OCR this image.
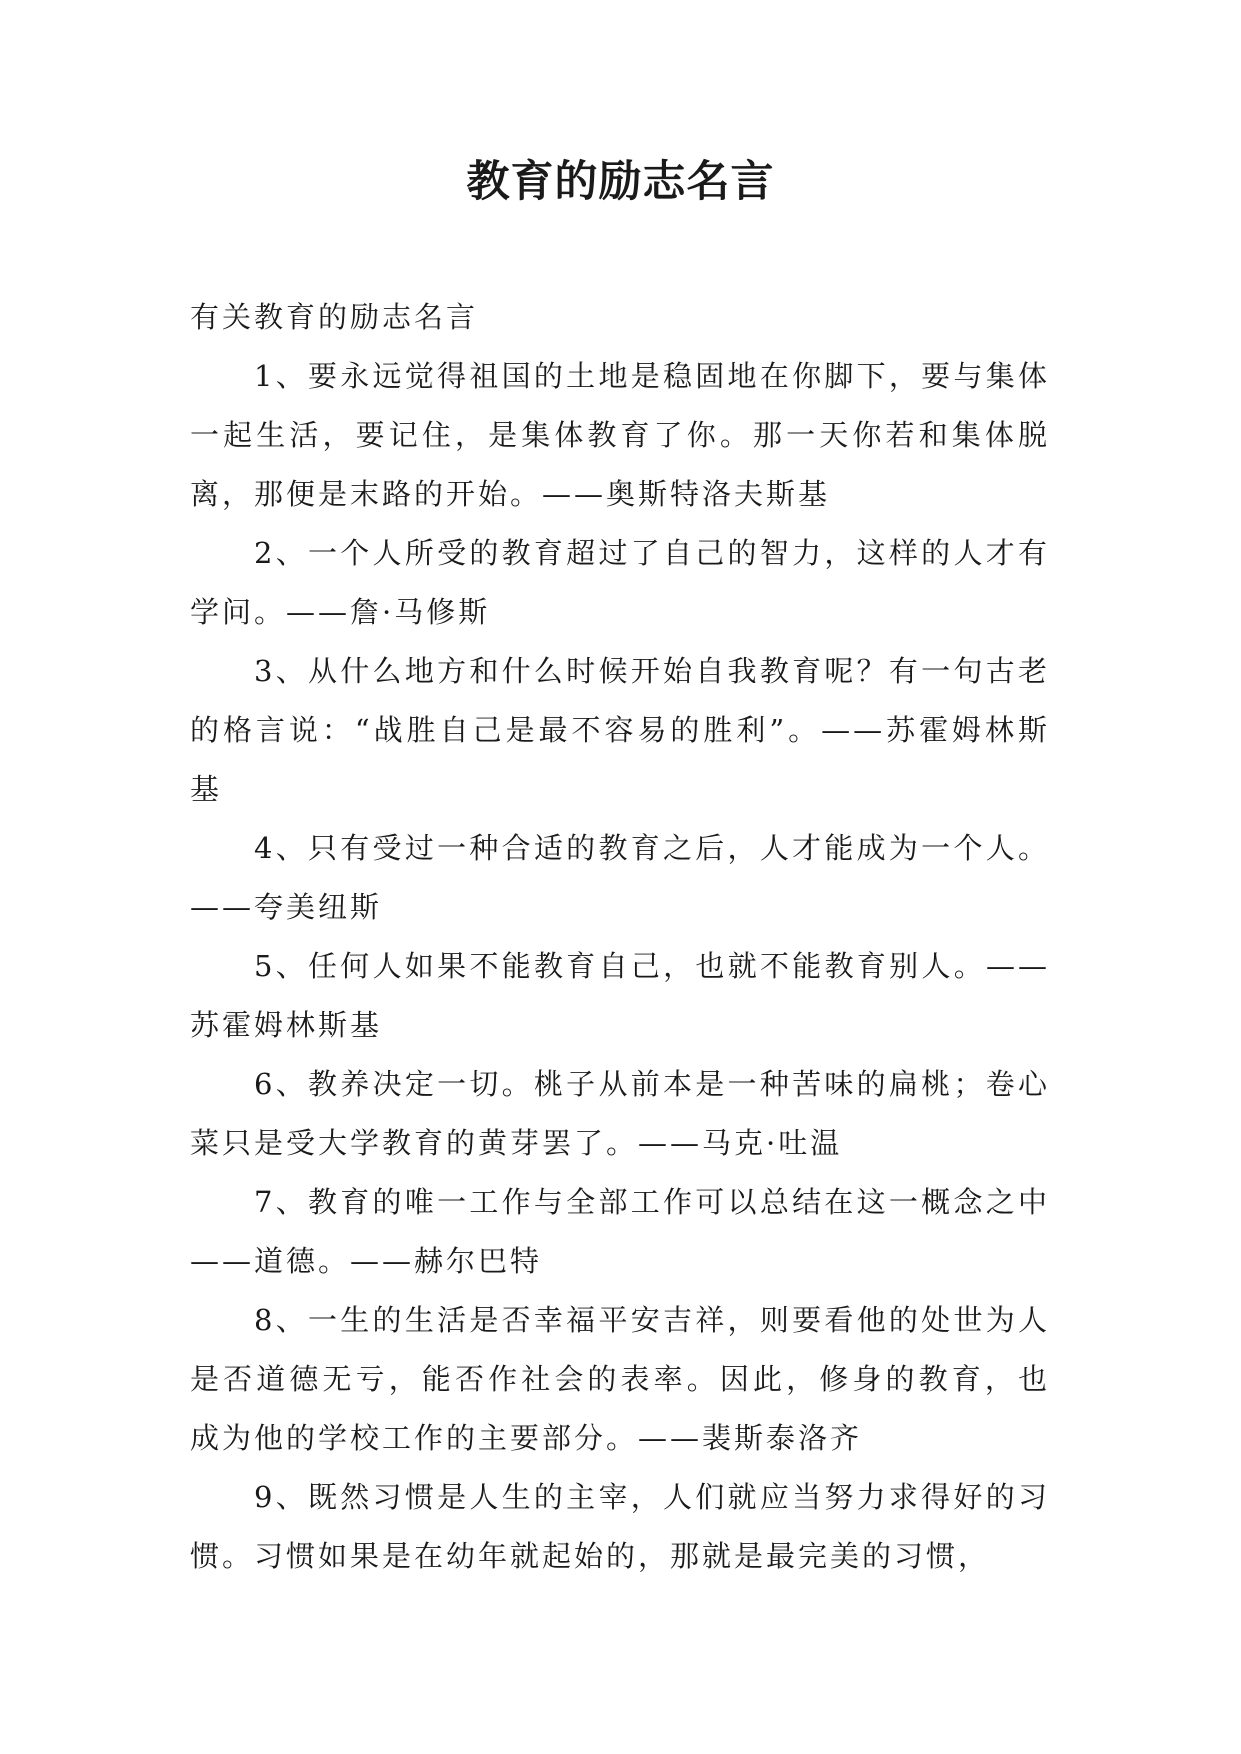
教育的励志名言

有关教育的励志名言

1、要永远觉得祖国的土地是稳固地在你脚下，要与集体一起生活，要记住，是集体教育了你。那一天你若和集体脱离，那便是末路的开始。——奥斯特洛夫斯基

2、一个人所受的教育超过了自己的智力，这样的人才有学问。——詹·马修斯

3、从什么地方和什么时候开始自我教育呢？有一句古老的格言说：“战胜自己是最不容易的胜利”。——苏霍姆林斯基

4、只有受过一种合适的教育之后，人才能成为一个人。——夸美纽斯

5、任何人如果不能教育自己，也就不能教育别人。——苏霍姆林斯基

6、教养决定一切。桃子从前本是一种苦味的扁桃；卷心菜只是受大学教育的黄芽罢了。——马克·吐温

7、教育的唯一工作与全部工作可以总结在这一概念之中——道德。——赫尔巴特

8、一生的生活是否幸福平安吉祥，则要看他的处世为人是否道德无亏，能否作社会的表率。因此，修身的教育，也成为他的学校工作的主要部分。——裴斯泰洛齐

9、既然习惯是人生的主宰，人们就应当努力求得好的习惯。习惯如果是在幼年就起始的，那就是最完美的习惯，
